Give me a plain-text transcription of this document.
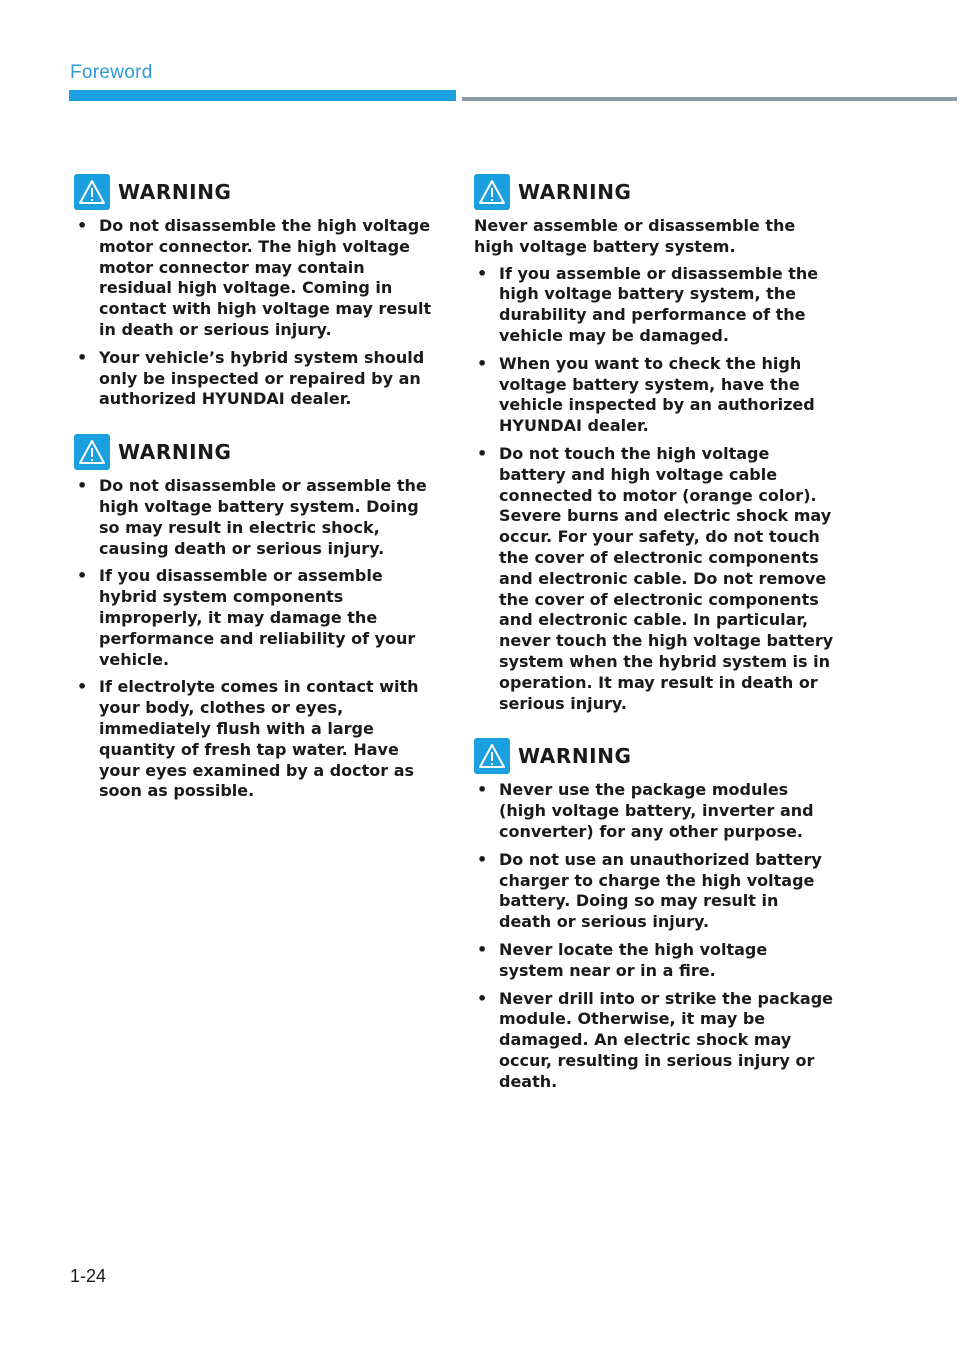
Foreword
WARNING
• Do not disassemble the high voltage motor connector. The high voltage motor connector may contain residual high voltage. Coming in contact with high voltage may result in death or serious injury.
• Your vehicle’s hybrid system should only be inspected or repaired by an authorized HYUNDAI dealer.
WARNING
• Do not disassemble or assemble the high voltage battery system. Doing so may result in electric shock, causing death or serious injury.
• If you disassemble or assemble hybrid system components improperly, it may damage the performance and reliability of your vehicle.
• If electrolyte comes in contact with your body, clothes or eyes, immediately flush with a large quantity of fresh tap water. Have your eyes examined by a doctor as soon as possible.
WARNING

Never assemble or disassemble the high voltage battery system.

• If you assemble or disassemble the high voltage battery system, the durability and performance of the vehicle may be damaged.
• When you want to check the high voltage battery system, have the vehicle inspected by an authorized HYUNDAI dealer.
• Do not touch the high voltage battery and high voltage cable connected to motor (orange color). Severe burns and electric shock may occur. For your safety, do not touch the cover of electronic components and electronic cable. Do not remove the cover of electronic components and electronic cable. In particular, never touch the high voltage battery system when the hybrid system is in operation. It may result in death or serious injury.
WARNING
• Never use the package modules (high voltage battery, inverter and converter) for any other purpose.
• Do not use an unauthorized battery charger to charge the high voltage battery. Doing so may result in death or serious injury.
• Never locate the high voltage system near or in a fire.
• Never drill into or strike the package module. Otherwise, it may be damaged. An electric shock may occur, resulting in serious injury or death.
1-24
